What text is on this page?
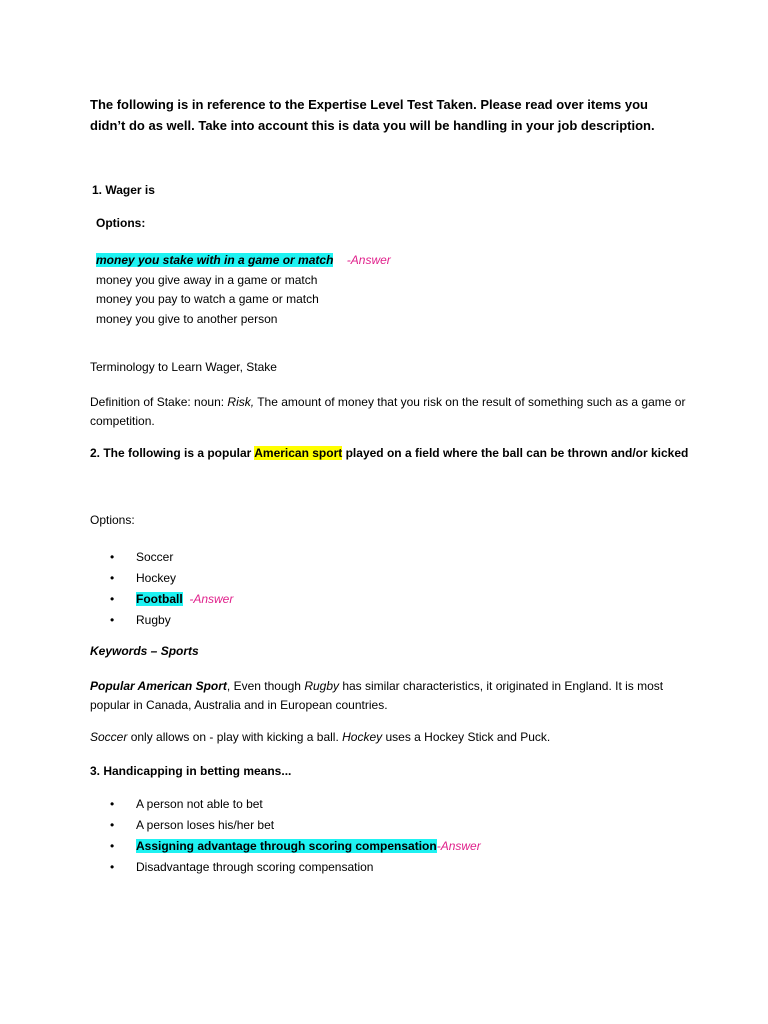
The following is in reference to the Expertise Level Test Taken. Please read over items you didn’t do as well. Take into account this is data you will be handling in your job description.

1. Wager is
Options:
money you stake with in a game or match -Answer
money you give away in a game or match
money you pay to watch a game or match
money you give to another person
Terminology to Learn Wager, Stake
Definition of Stake: noun: Risk, The amount of money that you risk on the result of something such as a game or competition.
2. The following is a popular American sport played on a field where the ball can be thrown and/or kicked
Options:
• Soccer
• Hockey
• Football -Answer
• Rugby
Keywords – Sports
Popular American Sport, Even though Rugby has similar characteristics, it originated in England. It is most popular in Canada, Australia and in European countries.
Soccer only allows on - play with kicking a ball. Hockey uses a Hockey Stick and Puck.
3. Handicapping in betting means...
• A person not able to bet
• A person loses his/her bet
• Assigning advantage through scoring compensation-Answer
• Disadvantage through scoring compensation
